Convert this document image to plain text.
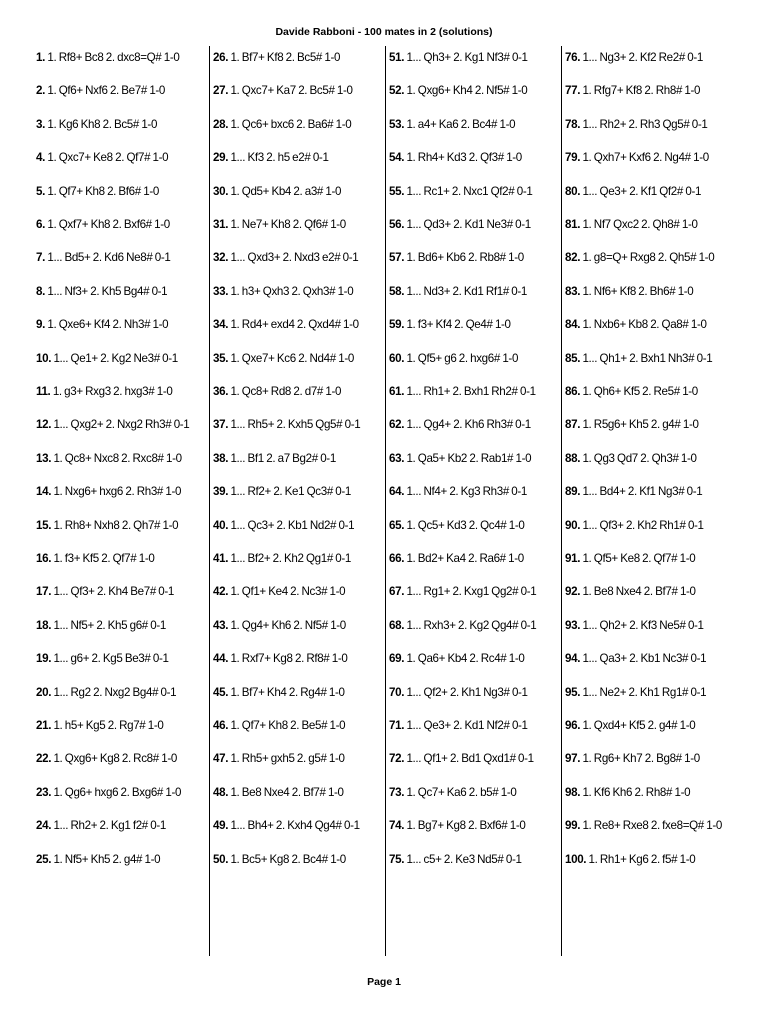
Davide Rabboni - 100 mates in 2 (solutions)
1. 1. Rf8+ Bc8 2. dxc8=Q# 1-0
2. 1. Qf6+ Nxf6 2. Be7# 1-0
3. 1. Kg6 Kh8 2. Bc5# 1-0
4. 1. Qxc7+ Ke8 2. Qf7# 1-0
5. 1. Qf7+ Kh8 2. Bf6# 1-0
6. 1. Qxf7+ Kh8 2. Bxf6# 1-0
7. 1... Bd5+ 2. Kd6 Ne8# 0-1
8. 1... Nf3+ 2. Kh5 Bg4# 0-1
9. 1. Qxe6+ Kf4 2. Nh3# 1-0
10. 1... Qe1+ 2. Kg2 Ne3# 0-1
11. 1. g3+ Rxg3 2. hxg3# 1-0
12. 1... Qxg2+ 2. Nxg2 Rh3# 0-1
13. 1. Qc8+ Nxc8 2. Rxc8# 1-0
14. 1. Nxg6+ hxg6 2. Rh3# 1-0
15. 1. Rh8+ Nxh8 2. Qh7# 1-0
16. 1. f3+ Kf5 2. Qf7# 1-0
17. 1... Qf3+ 2. Kh4 Be7# 0-1
18. 1... Nf5+ 2. Kh5 g6# 0-1
19. 1... g6+ 2. Kg5 Be3# 0-1
20. 1... Rg2 2. Nxg2 Bg4# 0-1
21. 1. h5+ Kg5 2. Rg7# 1-0
22. 1. Qxg6+ Kg8 2. Rc8# 1-0
23. 1. Qg6+ hxg6 2. Bxg6# 1-0
24. 1... Rh2+ 2. Kg1 f2# 0-1
25. 1. Nf5+ Kh5 2. g4# 1-0
26. 1. Bf7+ Kf8 2. Bc5# 1-0
27. 1. Qxc7+ Ka7 2. Bc5# 1-0
28. 1. Qc6+ bxc6 2. Ba6# 1-0
29. 1... Kf3 2. h5 e2# 0-1
30. 1. Qd5+ Kb4 2. a3# 1-0
31. 1. Ne7+ Kh8 2. Qf6# 1-0
32. 1... Qxd3+ 2. Nxd3 e2# 0-1
33. 1. h3+ Qxh3 2. Qxh3# 1-0
34. 1. Rd4+ exd4 2. Qxd4# 1-0
35. 1. Qxe7+ Kc6 2. Nd4# 1-0
36. 1. Qc8+ Rd8 2. d7# 1-0
37. 1... Rh5+ 2. Kxh5 Qg5# 0-1
38. 1... Bf1 2. a7 Bg2# 0-1
39. 1... Rf2+ 2. Ke1 Qc3# 0-1
40. 1... Qc3+ 2. Kb1 Nd2# 0-1
41. 1... Bf2+ 2. Kh2 Qg1# 0-1
42. 1. Qf1+ Ke4 2. Nc3# 1-0
43. 1. Qg4+ Kh6 2. Nf5# 1-0
44. 1. Rxf7+ Kg8 2. Rf8# 1-0
45. 1. Bf7+ Kh4 2. Rg4# 1-0
46. 1. Qf7+ Kh8 2. Be5# 1-0
47. 1. Rh5+ gxh5 2. g5# 1-0
48. 1. Be8 Nxe4 2. Bf7# 1-0
49. 1... Bh4+ 2. Kxh4 Qg4# 0-1
50. 1. Bc5+ Kg8 2. Bc4# 1-0
51. 1... Qh3+ 2. Kg1 Nf3# 0-1
52. 1. Qxg6+ Kh4 2. Nf5# 1-0
53. 1. a4+ Ka6 2. Bc4# 1-0
54. 1. Rh4+ Kd3 2. Qf3# 1-0
55. 1... Rc1+ 2. Nxc1 Qf2# 0-1
56. 1... Qd3+ 2. Kd1 Ne3# 0-1
57. 1. Bd6+ Kb6 2. Rb8# 1-0
58. 1... Nd3+ 2. Kd1 Rf1# 0-1
59. 1. f3+ Kf4 2. Qe4# 1-0
60. 1. Qf5+ g6 2. hxg6# 1-0
61. 1... Rh1+ 2. Bxh1 Rh2# 0-1
62. 1... Qg4+ 2. Kh6 Rh3# 0-1
63. 1. Qa5+ Kb2 2. Rab1# 1-0
64. 1... Nf4+ 2. Kg3 Rh3# 0-1
65. 1. Qc5+ Kd3 2. Qc4# 1-0
66. 1. Bd2+ Ka4 2. Ra6# 1-0
67. 1... Rg1+ 2. Kxg1 Qg2# 0-1
68. 1... Rxh3+ 2. Kg2 Qg4# 0-1
69. 1. Qa6+ Kb4 2. Rc4# 1-0
70. 1... Qf2+ 2. Kh1 Ng3# 0-1
71. 1... Qe3+ 2. Kd1 Nf2# 0-1
72. 1... Qf1+ 2. Bd1 Qxd1# 0-1
73. 1. Qc7+ Ka6 2. b5# 1-0
74. 1. Bg7+ Kg8 2. Bxf6# 1-0
75. 1... c5+ 2. Ke3 Nd5# 0-1
76. 1... Ng3+ 2. Kf2 Re2# 0-1
77. 1. Rfg7+ Kf8 2. Rh8# 1-0
78. 1... Rh2+ 2. Rh3 Qg5# 0-1
79. 1. Qxh7+ Kxf6 2. Ng4# 1-0
80. 1... Qe3+ 2. Kf1 Qf2# 0-1
81. 1. Nf7 Qxc2 2. Qh8# 1-0
82. 1. g8=Q+ Rxg8 2. Qh5# 1-0
83. 1. Nf6+ Kf8 2. Bh6# 1-0
84. 1. Nxb6+ Kb8 2. Qa8# 1-0
85. 1... Qh1+ 2. Bxh1 Nh3# 0-1
86. 1. Qh6+ Kf5 2. Re5# 1-0
87. 1. R5g6+ Kh5 2. g4# 1-0
88. 1. Qg3 Qd7 2. Qh3# 1-0
89. 1... Bd4+ 2. Kf1 Ng3# 0-1
90. 1... Qf3+ 2. Kh2 Rh1# 0-1
91. 1. Qf5+ Ke8 2. Qf7# 1-0
92. 1. Be8 Nxe4 2. Bf7# 1-0
93. 1... Qh2+ 2. Kf3 Ne5# 0-1
94. 1... Qa3+ 2. Kb1 Nc3# 0-1
95. 1... Ne2+ 2. Kh1 Rg1# 0-1
96. 1. Qxd4+ Kf5 2. g4# 1-0
97. 1. Rg6+ Kh7 2. Bg8# 1-0
98. 1. Kf6 Kh6 2. Rh8# 1-0
99. 1. Re8+ Rxe8 2. fxe8=Q# 1-0
100. 1. Rh1+ Kg6 2. f5# 1-0
Page 1
